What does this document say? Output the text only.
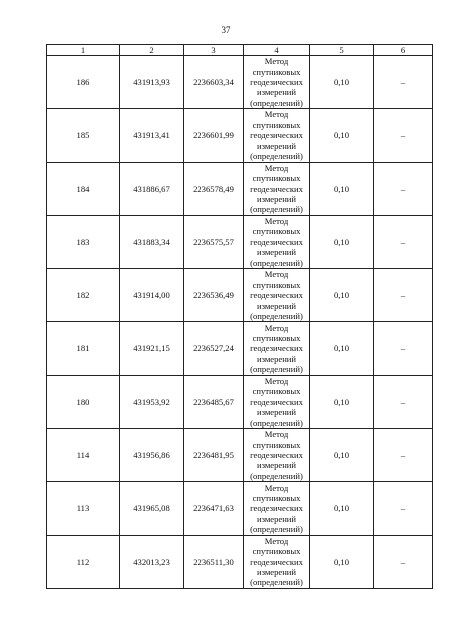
37
1	2	3	4	5	6
186	431913,93	2236603,34	Метод спутниковых геодезических измерений (определений)	0,10	–
185	431913,41	2236601,99	Метод спутниковых геодезических измерений (определений)	0,10	–
184	431886,67	2236578,49	Метод спутниковых геодезических измерений (определений)	0,10	–
183	431883,34	2236575,57	Метод спутниковых геодезических измерений (определений)	0,10	–
182	431914,00	2236536,49	Метод спутниковых геодезических измерений (определений)	0,10	–
181	431921,15	2236527,24	Метод спутниковых геодезических измерений (определений)	0,10	–
180	431953,92	2236485,67	Метод спутниковых геодезических измерений (определений)	0,10	–
114	431956,86	2236481,95	Метод спутниковых геодезических измерений (определений)	0,10	–
113	431965,08	2236471,63	Метод спутниковых геодезических измерений (определений)	0,10	–
112	432013,23	2236511,30	Метод спутниковых геодезических измерений (определений)	0,10	–
